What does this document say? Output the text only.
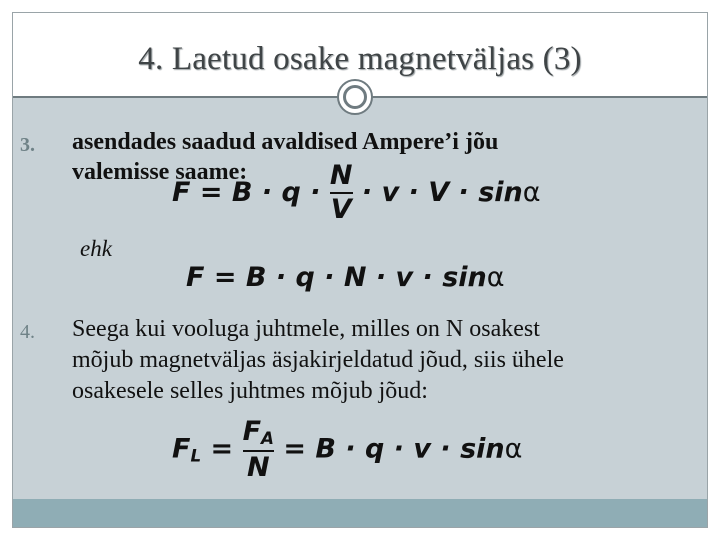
4. Laetud osake magnetväljas (3)
3. asendades saadud avaldised Ampere’i jõu
valemisse saame:
$F = B \cdot q \cdot \frac{N}{V} \cdot v \cdot V \cdot \sin\alpha$
ehk
F = B · q · N · v · sinα
4. Seega kui vooluga juhtmele, milles on N osakest
mõjub magnetväljas äsjakirjeldatud jõud, siis ühele
osakesele selles juhtmes mõjub jõud:
$F_L = \frac{F_A}{N} = B \cdot q \cdot v \cdot \sin\alpha$
